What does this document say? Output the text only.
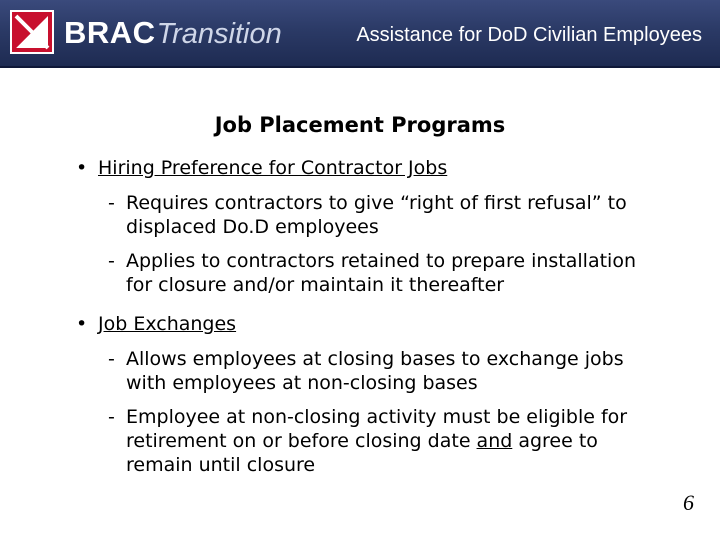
BRAC Transition	Assistance for DoD Civilian Employees
Job Placement Programs
• Hiring Preference for Contractor Jobs
- Requires contractors to give “right of first refusal” to displaced Do.D employees
- Applies to contractors retained to prepare installation for closure and/or maintain it thereafter
• Job Exchanges
- Allows employees at closing bases to exchange jobs with employees at non-closing bases
- Employee at non-closing activity must be eligible for retirement on or before closing date and agree to remain until closure
6
